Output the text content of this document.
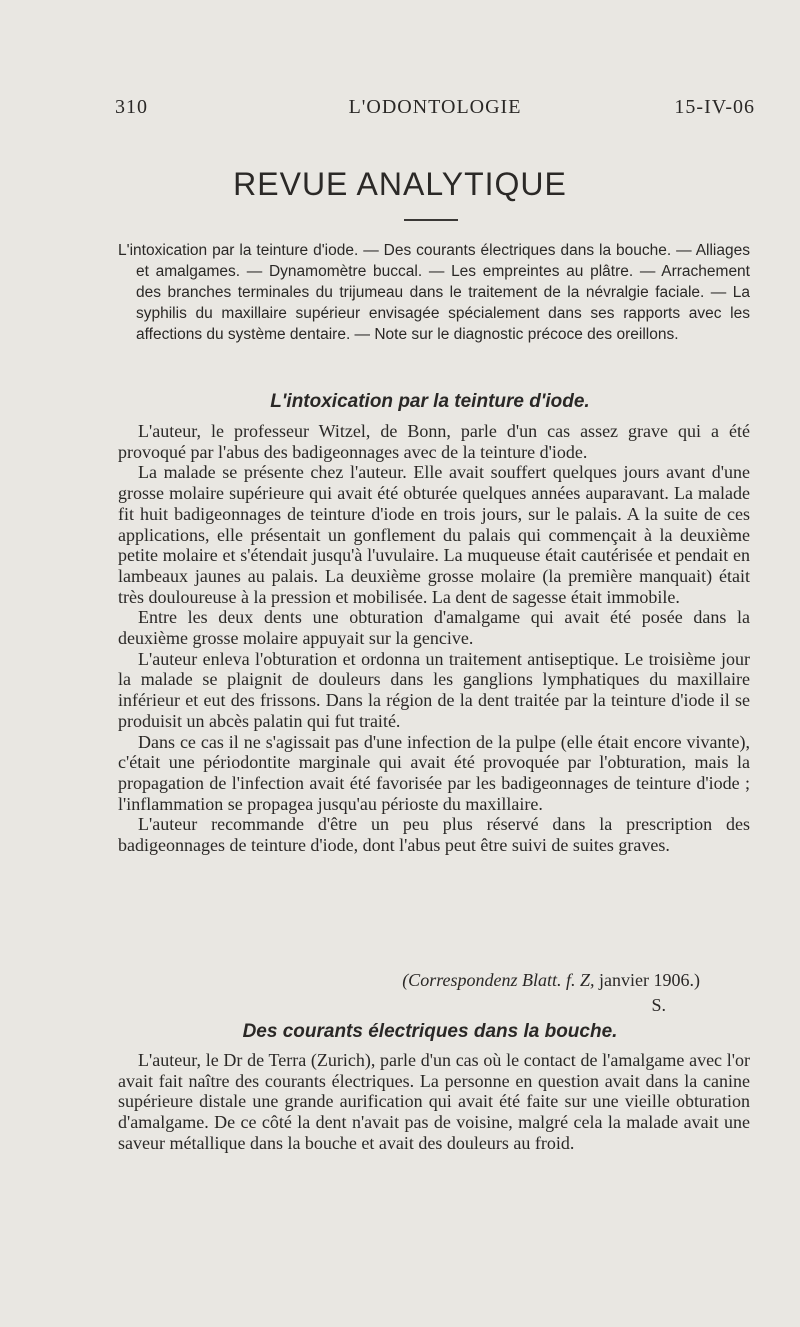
310	L'ODONTOLOGIE	15-IV-06
REVUE ANALYTIQUE

L'intoxication par la teinture d'iode. — Des courants électriques dans la bouche. — Alliages et amalgames. — Dynamomètre buccal. — Les empreintes au plâtre. — Arrachement des branches terminales du trijumeau dans le traitement de la névralgie faciale. — La syphilis du maxillaire supérieur envisagée spécialement dans ses rapports avec les affections du système dentaire. — Note sur le diagnostic précoce des oreillons.

L'intoxication par la teinture d'iode.

L'auteur, le professeur Witzel, de Bonn, parle d'un cas assez grave qui a été provoqué par l'abus des badigeonnages avec de la teinture d'iode.

La malade se présente chez l'auteur. Elle avait souffert quelques jours avant d'une grosse molaire supérieure qui avait été obturée quelques années auparavant. La malade fit huit badigeonnages de teinture d'iode en trois jours, sur le palais. A la suite de ces applications, elle présentait un gonflement du palais qui commençait à la deuxième petite molaire et s'étendait jusqu'à l'uvulaire. La muqueuse était cautérisée et pendait en lambeaux jaunes au palais. La deuxième grosse molaire (la première manquait) était très douloureuse à la pression et mobilisée. La dent de sagesse était immobile.

Entre les deux dents une obturation d'amalgame qui avait été posée dans la deuxième grosse molaire appuyait sur la gencive.

L'auteur enleva l'obturation et ordonna un traitement antiseptique. Le troisième jour la malade se plaignit de douleurs dans les ganglions lymphatiques du maxillaire inférieur et eut des frissons. Dans la région de la dent traitée par la teinture d'iode il se produisit un abcès palatin qui fut traité.

Dans ce cas il ne s'agissait pas d'une infection de la pulpe (elle était encore vivante), c'était une périodontite marginale qui avait été provoquée par l'obturation, mais la propagation de l'infection avait été favorisée par les badigeonnages de teinture d'iode ; l'inflammation se propagea jusqu'au périoste du maxillaire.

L'auteur recommande d'être un peu plus réservé dans la prescription des badigeonnages de teinture d'iode, dont l'abus peut être suivi de suites graves.

(Correspondenz Blatt. f. Z, janvier 1906.)
S.
Des courants électriques dans la bouche.

L'auteur, le Dr de Terra (Zurich), parle d'un cas où le contact de l'amalgame avec l'or avait fait naître des courants électriques. La personne en question avait dans la canine supérieure distale une grande aurification qui avait été faite sur une vieille obturation d'amalgame. De ce côté la dent n'avait pas de voisine, malgré cela la malade avait une saveur métallique dans la bouche et avait des douleurs au froid.
